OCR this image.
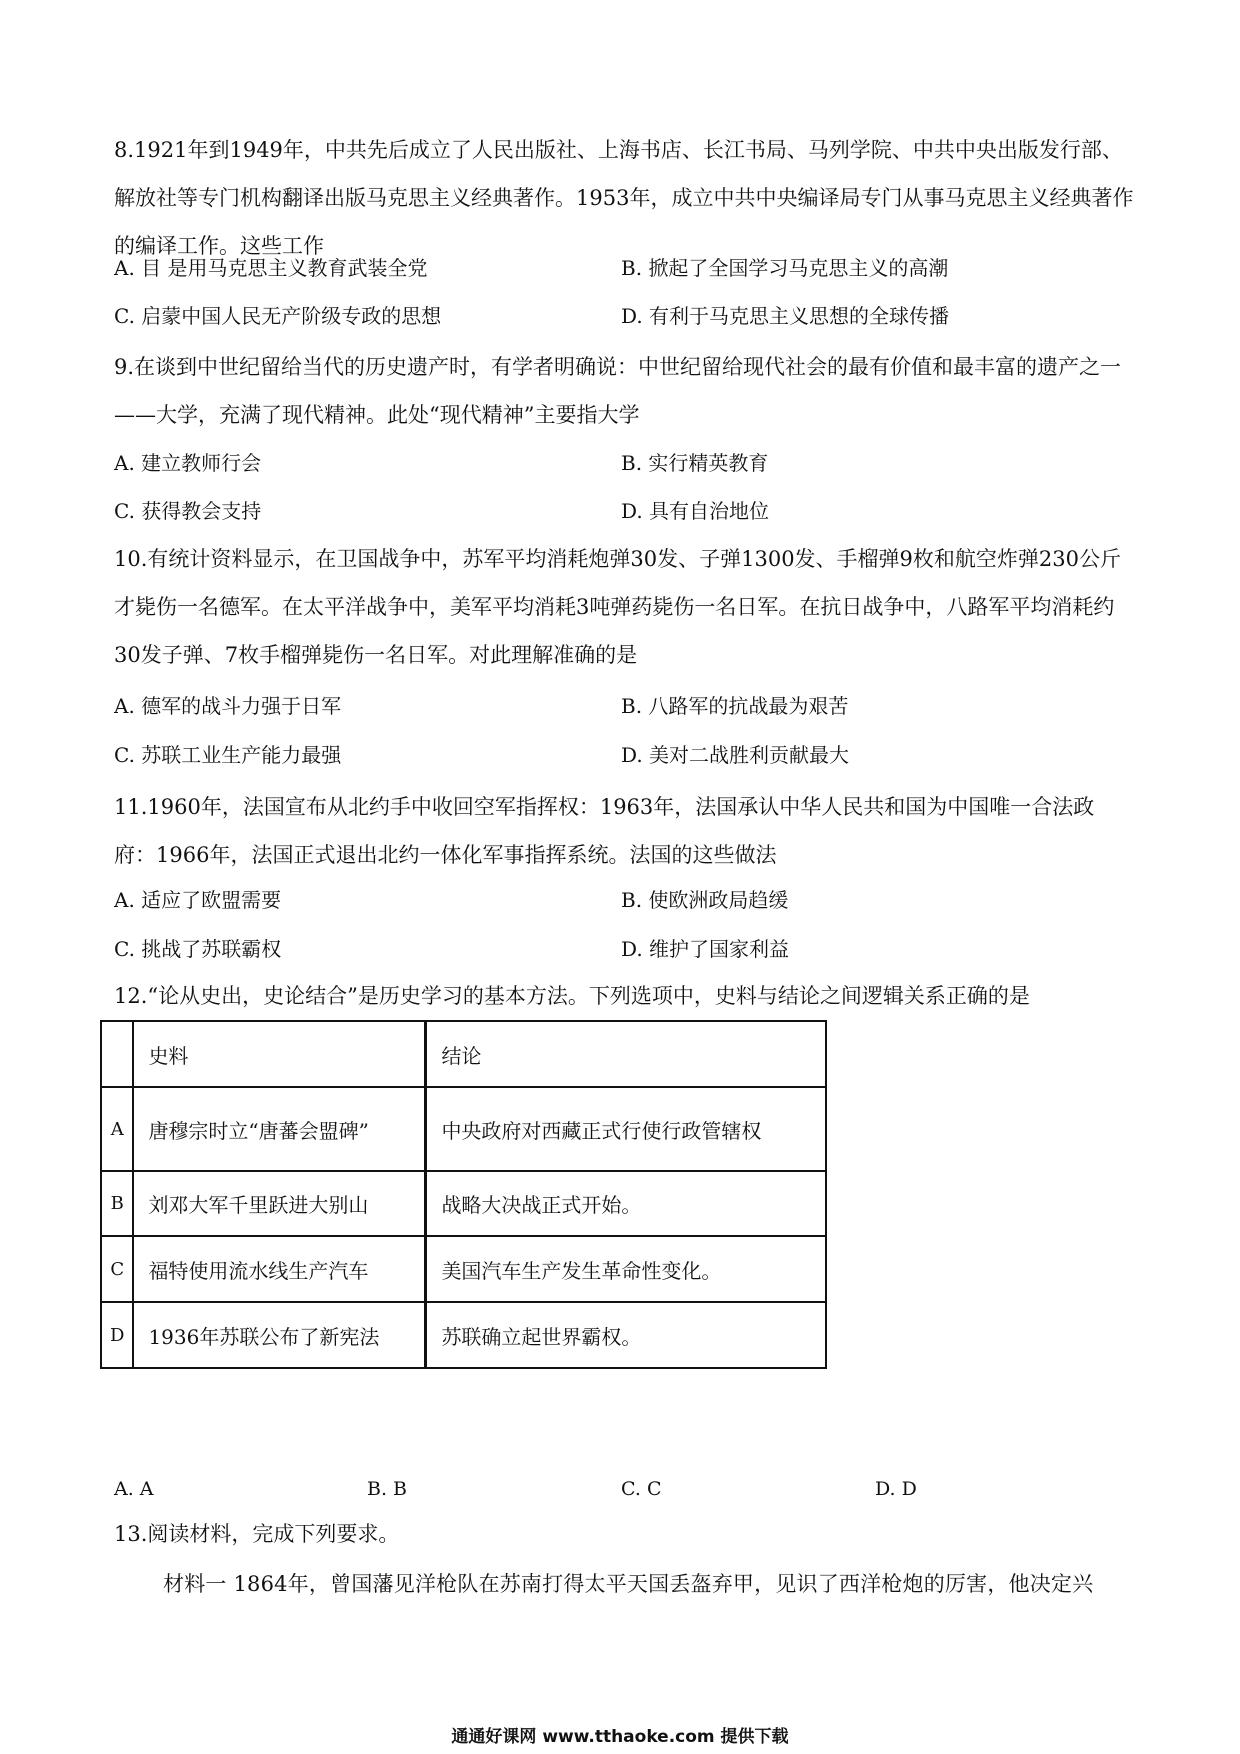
8.1921年到1949年，中共先后成立了人民出版社、上海书店、长江书局、马列学院、中共中央出版发行部、解放社等专门机构翻译出版马克思主义经典著作。1953年，成立中共中央编译局专门从事马克思主义经典著作的编译工作。这些工作

A. 目 是用马克思主义教育武装全党	B. 掀起了全国学习马克思主义的高潮
C. 启蒙中国人民无产阶级专政的思想	D. 有利于马克思主义思想的全球传播

9.在谈到中世纪留给当代的历史遗产时，有学者明确说：中世纪留给现代社会的最有价值和最丰富的遗产之一——大学，充满了现代精神。此处“现代精神”主要指大学

A. 建立教师行会	B. 实行精英教育
C. 获得教会支持	D. 具有自治地位

10.有统计资料显示，在卫国战争中，苏军平均消耗炮弹30发、子弹1300发、手榴弹9枚和航空炸弹230公斤才毙伤一名德军。在太平洋战争中，美军平均消耗3吨弹药毙伤一名日军。在抗日战争中，八路军平均消耗约30发子弹、7枚手榴弹毙伤一名日军。对此理解准确的是

A. 德军的战斗力强于日军	B. 八路军的抗战最为艰苦
C. 苏联工业生产能力最强	D. 美对二战胜利贡献最大

11.1960年，法国宣布从北约手中收回空军指挥权：1963年，法国承认中华人民共和国为中国唯一合法政府：1966年，法国正式退出北约一体化军事指挥系统。法国的这些做法

A. 适应了欧盟需要	B. 使欧洲政局趋缓
C. 挑战了苏联霸权	D. 维护了国家利益
12.“论从史出，史论结合”是历史学习的基本方法。下列选项中，史料与结论之间逻辑关系正确的是
	史料	结论
A	唐穆宗时立“唐蕃会盟碑”	中央政府对西藏正式行使行政管辖权
B	刘邓大军千里跃进大别山	战略大决战正式开始。
C	福特使用流水线生产汽车	美国汽车生产发生革命性变化。
D	1936年苏联公布了新宪法	苏联确立起世界霸权。
A. A	B. B	C. C	D. D
13.阅读材料，完成下列要求。
材料一 1864年，曾国藩见洋枪队在苏南打得太平天国丢盔弃甲，见识了西洋枪炮的厉害，他决定兴
通通好课网 www.tthaoke.com 提供下载
